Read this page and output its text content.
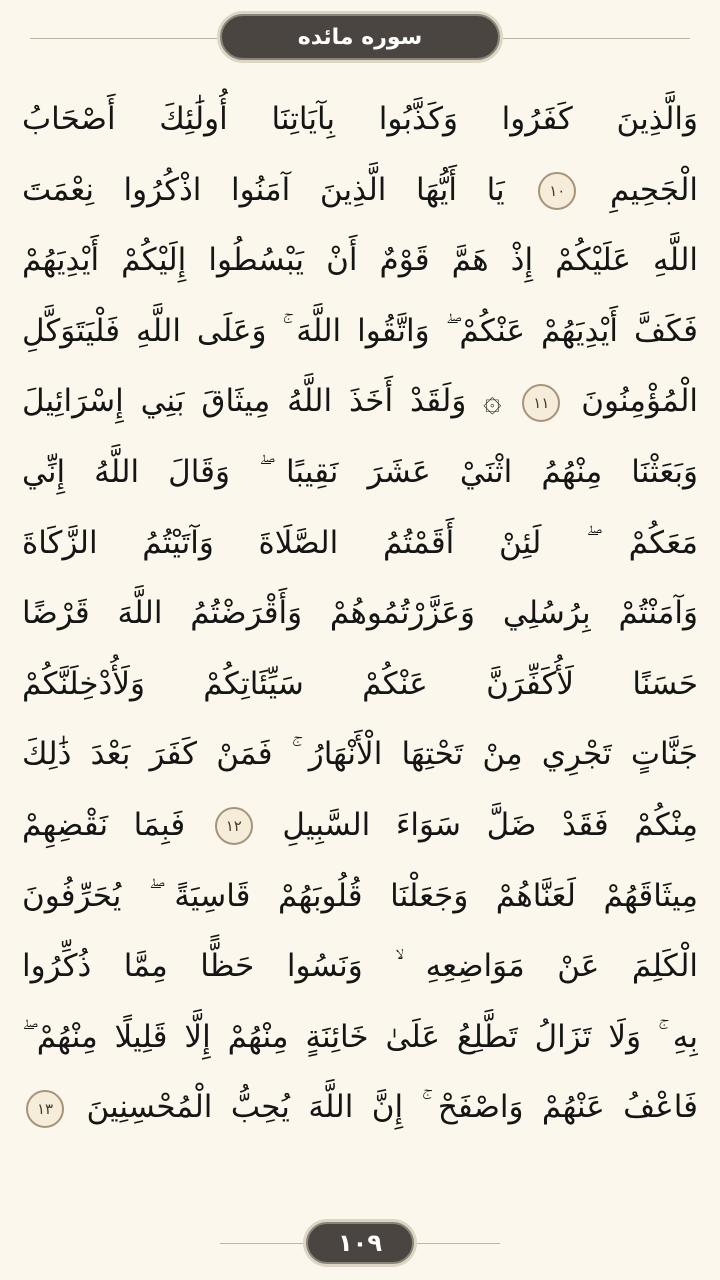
سوره مائده
وَالَّذِينَ كَفَرُوا وَكَذَّبُوا بِآيَاتِنَا أُولَٰئِكَ أَصْحَابُ
الْجَحِيمِ ١٠ يَا أَيُّهَا الَّذِينَ آمَنُوا اذْكُرُوا نِعْمَتَ
اللَّهِ عَلَيْكُمْ إِذْ هَمَّ قَوْمٌ أَنْ يَبْسُطُوا إِلَيْكُمْ أَيْدِيَهُمْ
فَكَفَّ أَيْدِيَهُمْ عَنْكُمْ ۖ وَاتَّقُوا اللَّهَ ۚ وَعَلَى اللَّهِ فَلْيَتَوَكَّلِ
الْمُؤْمِنُونَ ١١ ۞ وَلَقَدْ أَخَذَ اللَّهُ مِيثَاقَ بَنِي إِسْرَائِيلَ
وَبَعَثْنَا مِنْهُمُ اثْنَيْ عَشَرَ نَقِيبًا ۖ وَقَالَ اللَّهُ إِنِّي
مَعَكُمْ ۖ لَئِنْ أَقَمْتُمُ الصَّلَاةَ وَآتَيْتُمُ الزَّكَاةَ
وَآمَنْتُمْ بِرُسُلِي وَعَزَّرْتُمُوهُمْ وَأَقْرَضْتُمُ اللَّهَ قَرْضًا
حَسَنًا لَأُكَفِّرَنَّ عَنْكُمْ سَيِّئَاتِكُمْ وَلَأُدْخِلَنَّكُمْ
جَنَّاتٍ تَجْرِي مِنْ تَحْتِهَا الْأَنْهَارُ ۚ فَمَنْ كَفَرَ بَعْدَ ذَٰلِكَ
مِنْكُمْ فَقَدْ ضَلَّ سَوَاءَ السَّبِيلِ ١٢ فَبِمَا نَقْضِهِمْ
مِيثَاقَهُمْ لَعَنَّاهُمْ وَجَعَلْنَا قُلُوبَهُمْ قَاسِيَةً ۖ يُحَرِّفُونَ
الْكَلِمَ عَنْ مَوَاضِعِهِ ۙ وَنَسُوا حَظًّا مِمَّا ذُكِّرُوا
بِهِ ۚ وَلَا تَزَالُ تَطَّلِعُ عَلَىٰ خَائِنَةٍ مِنْهُمْ إِلَّا قَلِيلًا مِنْهُمْ ۖ
فَاعْفُ عَنْهُمْ وَاصْفَحْ ۚ إِنَّ اللَّهَ يُحِبُّ الْمُحْسِنِينَ ١٣
١٠٩
